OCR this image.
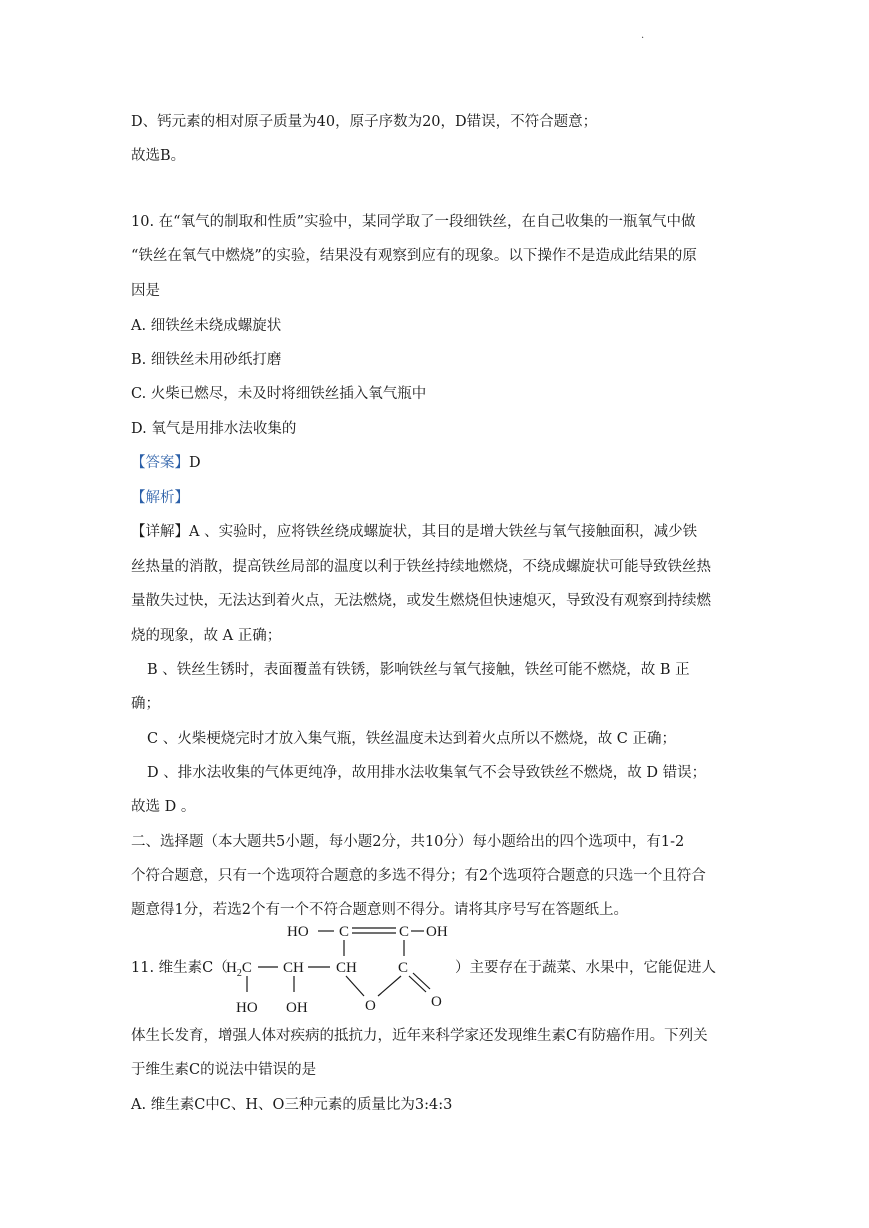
.
D、钙元素的相对原子质量为40，原子序数为20，D错误，不符合题意；
故选B。
10. 在“氧气的制取和性质”实验中，某同学取了一段细铁丝，在自己收集的一瓶氧气中做
“铁丝在氧气中燃烧”的实验，结果没有观察到应有的现象。以下操作不是造成此结果的原
因是
A. 细铁丝未绕成螺旋状
B. 细铁丝未用砂纸打磨
C. 火柴已燃尽，未及时将细铁丝插入氧气瓶中
D. 氧气是用排水法收集的
【答案】D
【解析】
【详解】A 、实验时，应将铁丝绕成螺旋状，其目的是增大铁丝与氧气接触面积，减少铁
丝热量的消散，提高铁丝局部的温度以利于铁丝持续地燃烧，不绕成螺旋状可能导致铁丝热
量散失过快，无法达到着火点，无法燃烧，或发生燃烧但快速熄灭，导致没有观察到持续燃
烧的现象，故 A 正确；
B 、铁丝生锈时，表面覆盖有铁锈，影响铁丝与氧气接触，铁丝可能不燃烧，故 B 正
确；
C 、火柴梗烧完时才放入集气瓶，铁丝温度未达到着火点所以不燃烧，故 C 正确；
D 、排水法收集的气体更纯净，故用排水法收集氧气不会导致铁丝不燃烧，故 D 错误；
故选 D 。
二、选择题（本大题共5小题，每小题2分，共10分）每小题给出的四个选项中，有1-2
个符合题意，只有一个选项符合题意的多选不得分；有2个选项符合题意的只选一个且符合
题意得1分，若选2个有一个不符合题意则不得分。请将其序号写在答题纸上。
11. 维生素C（	）主要存在于蔬菜、水果中，它能促进人
HO C	C OH
$H_2C$ CH CH	C
HO OH	O	O
体生长发育，增强人体对疾病的抵抗力，近年来科学家还发现维生素C有防癌作用。下列关
于维生素C的说法中错误的是
A. 维生素C中C、H、O三种元素的质量比为3:4:3
